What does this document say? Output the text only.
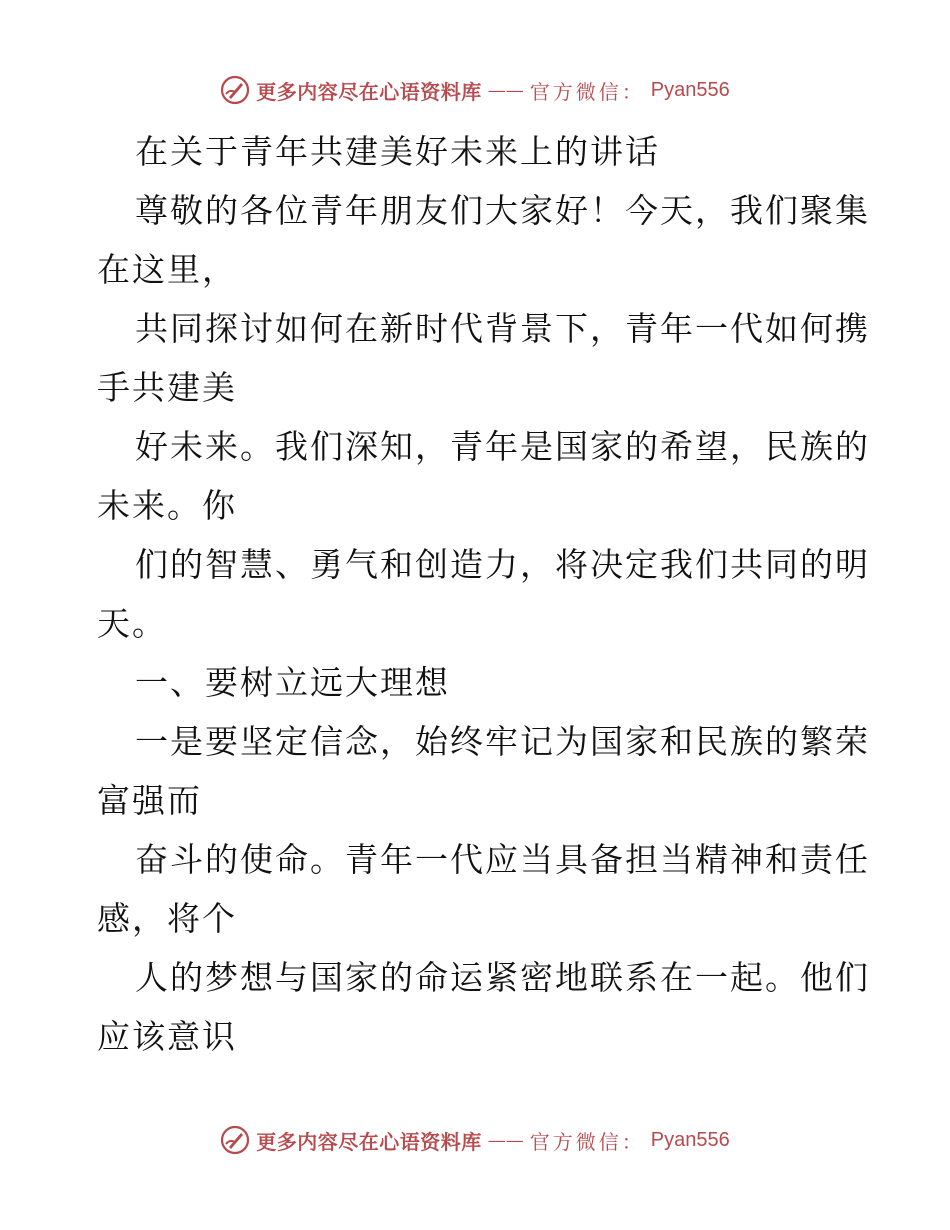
更多内容尽在心语资料库 —— 官方微信： Pyan556

在关于青年共建美好未来上的讲话

尊敬的各位青年朋友们大家好！今天，我们聚集

在这里，

共同探讨如何在新时代背景下，青年一代如何携

手共建美

好未来。我们深知，青年是国家的希望，民族的

未来。你

们的智慧、勇气和创造力，将决定我们共同的明

天。

一、要树立远大理想

一是要坚定信念，始终牢记为国家和民族的繁荣

富强而

奋斗的使命。青年一代应当具备担当精神和责任

感，将个

人的梦想与国家的命运紧密地联系在一起。他们

应该意识

更多内容尽在心语资料库 —— 官方微信： Pyan556
